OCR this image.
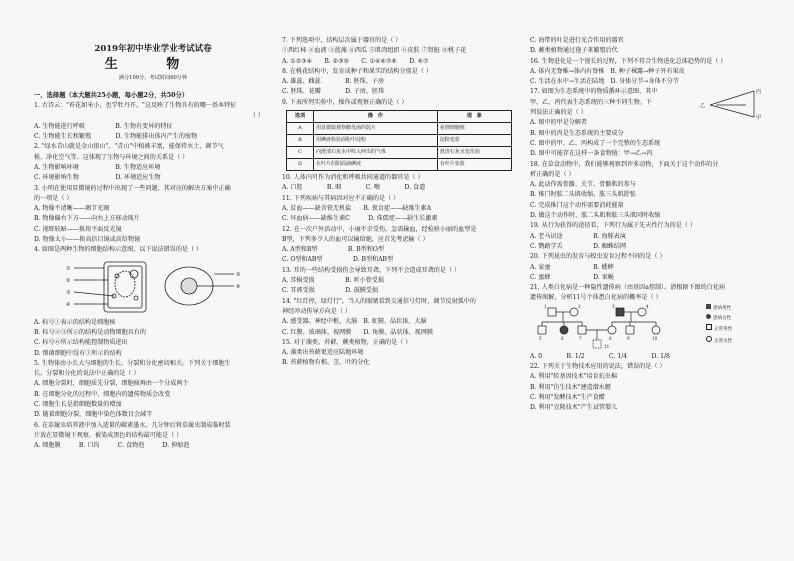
2019年初中毕业学业考试试卷
生 物
满分100分，考试时间60分钟
一、选择题（本大题共25小题，每小题2分，共50分）
1. 古诗云："苔花如米小，也学牡丹开。"这反映了生物具有的哪一基本特征
（ ）
A. 生物能进行呼吸　　　　　B. 生物有变异的特征
C. 生物能生长和繁殖　　　　D. 生物能排出体内产生的废物
2. "绿水青山就是金山银山"。"青山"中植被丰富，能保持水土、调节气
候、净化空气等。这体现了生物与环境之间的关系是（ ）
A. 生物影响环境　　　　　　B. 生物适应环境
C. 环境影响生物　　　　　　D. 环境适应生物
3. 小明在使用显微镜的过程中出现了一些问题，其对应的解决方案中正确
的一项是（ ）
A. 物像不清晰——调节光圈
B. 物像偏右下方——向右上方移动玻片
C. 视野较暗——换用平面反光镜
D. 物像太小——换高倍目镜或高倍物镜
4. 如图是两种生物的细胞结构示意图，以下说法错误的是（ ）
①
②
③
④
⑤
⑥
A. 标号①表示的结构是细胞核
B. 标号②③所示的结构是动物细胞具有的
C. 标号⑥所示结构能控制物质进出
D. 细菌细胞中没有①所示的结构
5. 生物体由小长大与细胞的生长、分裂和分化密切相关。下列关于细胞生
长、分裂和分化的说法中正确的是（ ）
A. 细胞分裂时，细胞质先分裂，细胞核再由一个分成两个
B. 在细胞分化的过程中，细胞内的遗传物质会改变
C. 细胞生长是指细胞数量的增加
D. 随着细胞分裂，细胞中染色体数目会减半
6. 在草履虫培养液中加入适量的碳素墨水，几分钟后将草履虫制成临时装
片放在显微镜下观察，被染成黑色的结构最可能是（ ）
A. 细胞膜　　　B. 口沟　　　C. 食物泡　　　D. 伸缩泡
7. 下列选项中，结构层次属于器官的是（ ）
①西红柿 ②血液 ③蓝藻 ④西瓜 ⑤肌肉组织 ⑥皮肤 ⑦肾脏 ⑧桃子花
A. ①②③④　　B. ②③⑤　　C. ①④⑥⑦⑧　　D. ⑥⑦
8. 在桃花结构中，发育成种子和果实的结构分别是（ ）
A. 雄蕊、雌蕊　　　　B. 胚珠、子房
C. 胚珠、花瓣　　　　D. 子房、胚珠
9. 下表所列实验中，操作或观察正确的是（ ）
选项	操　作	现　象
A	用显微镜观察酵母菌的装片	看到细胞核
B	用碘液检验面粉中淀粉	淀粉变蓝
C	向澄清石灰水中吹入呼出的气体	澄清石灰水变浑浊
D	在叶片的阳面滴碘液	有叶片变蓝
10. 人体内可作为消化和呼吸共同通道的器官是（ ）
A. 口腔　　　　B. 咽　　　　C. 喉　　　　D. 食道
11. 下列疾病与其病因对应不正确的是（ ）
A. 贫血——缺含铁无机盐　　B. 夜盲症——缺维生素A
C. 坏血病——缺维生素C　　　D. 侏儒症——缺生长激素
12. 在一次户外活动中，小丽不幸受伤，急需输血，经检验小丽的血型是
B型，下列多少人的血可以输给她，应首先考虑输（ ）
A. A型和B型　　　　　B. B型和O型
C. O型和AB型　　　　　D. B型和AB型
13. 耳的一些结构受损伤会导致耳聋。下列不会造成耳聋的是（ ）
A. 耳蜗受损　　　　　B. 听小骨受损
C. 耳郭受损　　　　　D. 鼓膜受损
14. "红灯停，绿灯行"。当人的眼睛看到交通信号灯时，调节反射弧中的
神经冲动传导方向是（ ）
A. 感受器、神经中枢、大脑　B. 虹膜、晶状体、大脑
C. 红膜、玻璃体、视网膜　　D. 角膜、晶状体、视网膜
15. 对于藻类、苔藓、蕨类植物，正确的是（ ）
A. 藻类出苔藓更适应陆地环境
B. 苔藓植物有根、茎、叶的分化
C. 海带的叶是进行光合作用的器官
D. 蕨类植物通过孢子来繁殖后代
16. 生物进化是一个漫长的过程，下列不符合生物进化总体趋势的是（ ）
A. 体内无脊椎→体内有脊椎　B. 种子裸露→种子外有果皮
C. 生活在水中→生活在陆地　D. 身体分节→身体不分节
17. 如图为生态系统中的物质循环示意图，其中
甲、乙、丙代表生态系统的三种不同生物。下
列说法正确的是（ ）
乙
丙
甲
A. 图中的甲是分解者
B. 图中的丙是生态系统的主要成分
C. 图中的甲、乙、丙构成了一个完整的生态系统
D. 图中可能存在这样一条食物链：甲→乙→丙
18. 在草食动物中，我们能够观察到许多动物，下面关于这个动作的分
析正确的是（ ）
A. 此动作需骨骼、关节、骨骼肌的参与
B. 推门时肱二头肌收缩，肱三头肌舒张
C. 完成推门这个动作需要消耗能量
D. 做这个动作时，肱二头肌和肱三头肌同时收缩
19. 从行为获得的途径看，下列行为属于先天性行为的是（ ）
A. 老马识途　　　　　B. 海豚表演
C. 鹦鹉学舌　　　　　D. 蜘蛛结网
20. 下列昆虫的发育与蝗虫发育过程不同的是（ ）
A. 家蚕　　　　　　　B. 蟋蟀
C. 蜜蜂　　　　　　　D. 果蝇
21. 人类白化病是一种隐性遗传病（由基因a控制）。请根据下图的白化病
遗传图解，分析11号个体患白化病的概率是（ ）
1	2	3	4
5	6	7	8	9	10
11
患病男性
患病女性
正常男性
正常女性
A. 0　　　　B. 1/2　　　　C. 1/4　　　　D. 1/8
22. 下列关于生物技术应用的说法，错误的是（ ）
A. 利用"转基因技术"培育抗虫棉
B. 利用"仿生技术"建造潜水艇
C. 利用"发酵技术"生产食醋
D. 利用"克隆技术"产生试管婴儿
